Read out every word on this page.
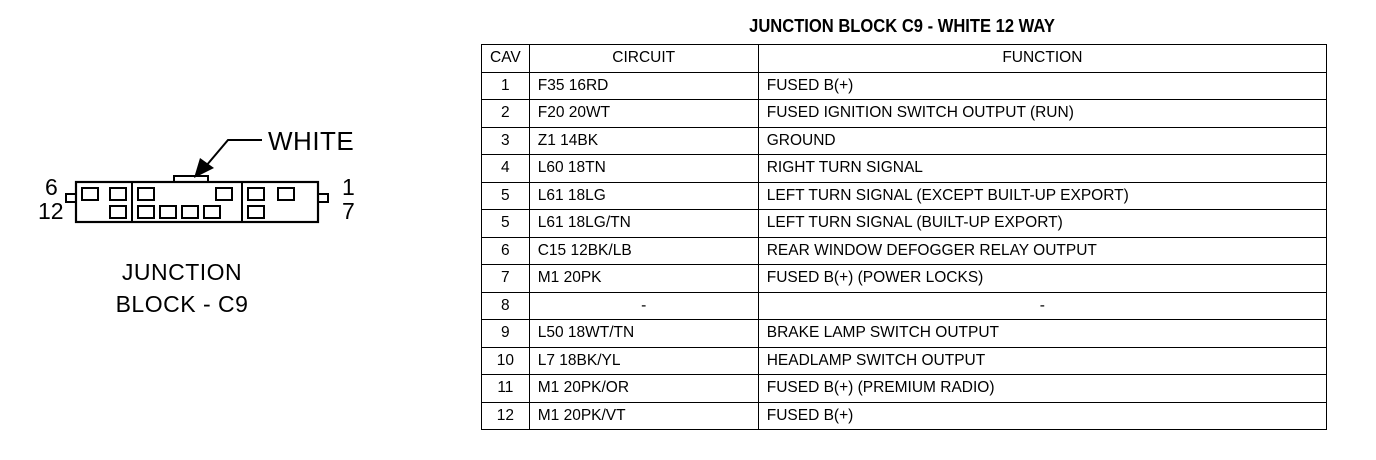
WHITE
6
12
1
7
JUNCTION
BLOCK - C9
JUNCTION BLOCK C9 - WHITE 12 WAY
CAV	CIRCUIT	FUNCTION
1	F35 16RD	FUSED B(+)
2	F20 20WT	FUSED IGNITION SWITCH OUTPUT (RUN)
3	Z1 14BK	GROUND
4	L60 18TN	RIGHT TURN SIGNAL
5	L61 18LG	LEFT TURN SIGNAL (EXCEPT BUILT-UP EXPORT)
5	L61 18LG/TN	LEFT TURN SIGNAL (BUILT-UP EXPORT)
6	C15 12BK/LB	REAR WINDOW DEFOGGER RELAY OUTPUT
7	M1 20PK	FUSED B(+) (POWER LOCKS)
8	-	-
9	L50 18WT/TN	BRAKE LAMP SWITCH OUTPUT
10	L7 18BK/YL	HEADLAMP SWITCH OUTPUT
11	M1 20PK/OR	FUSED B(+) (PREMIUM RADIO)
12	M1 20PK/VT	FUSED B(+)
